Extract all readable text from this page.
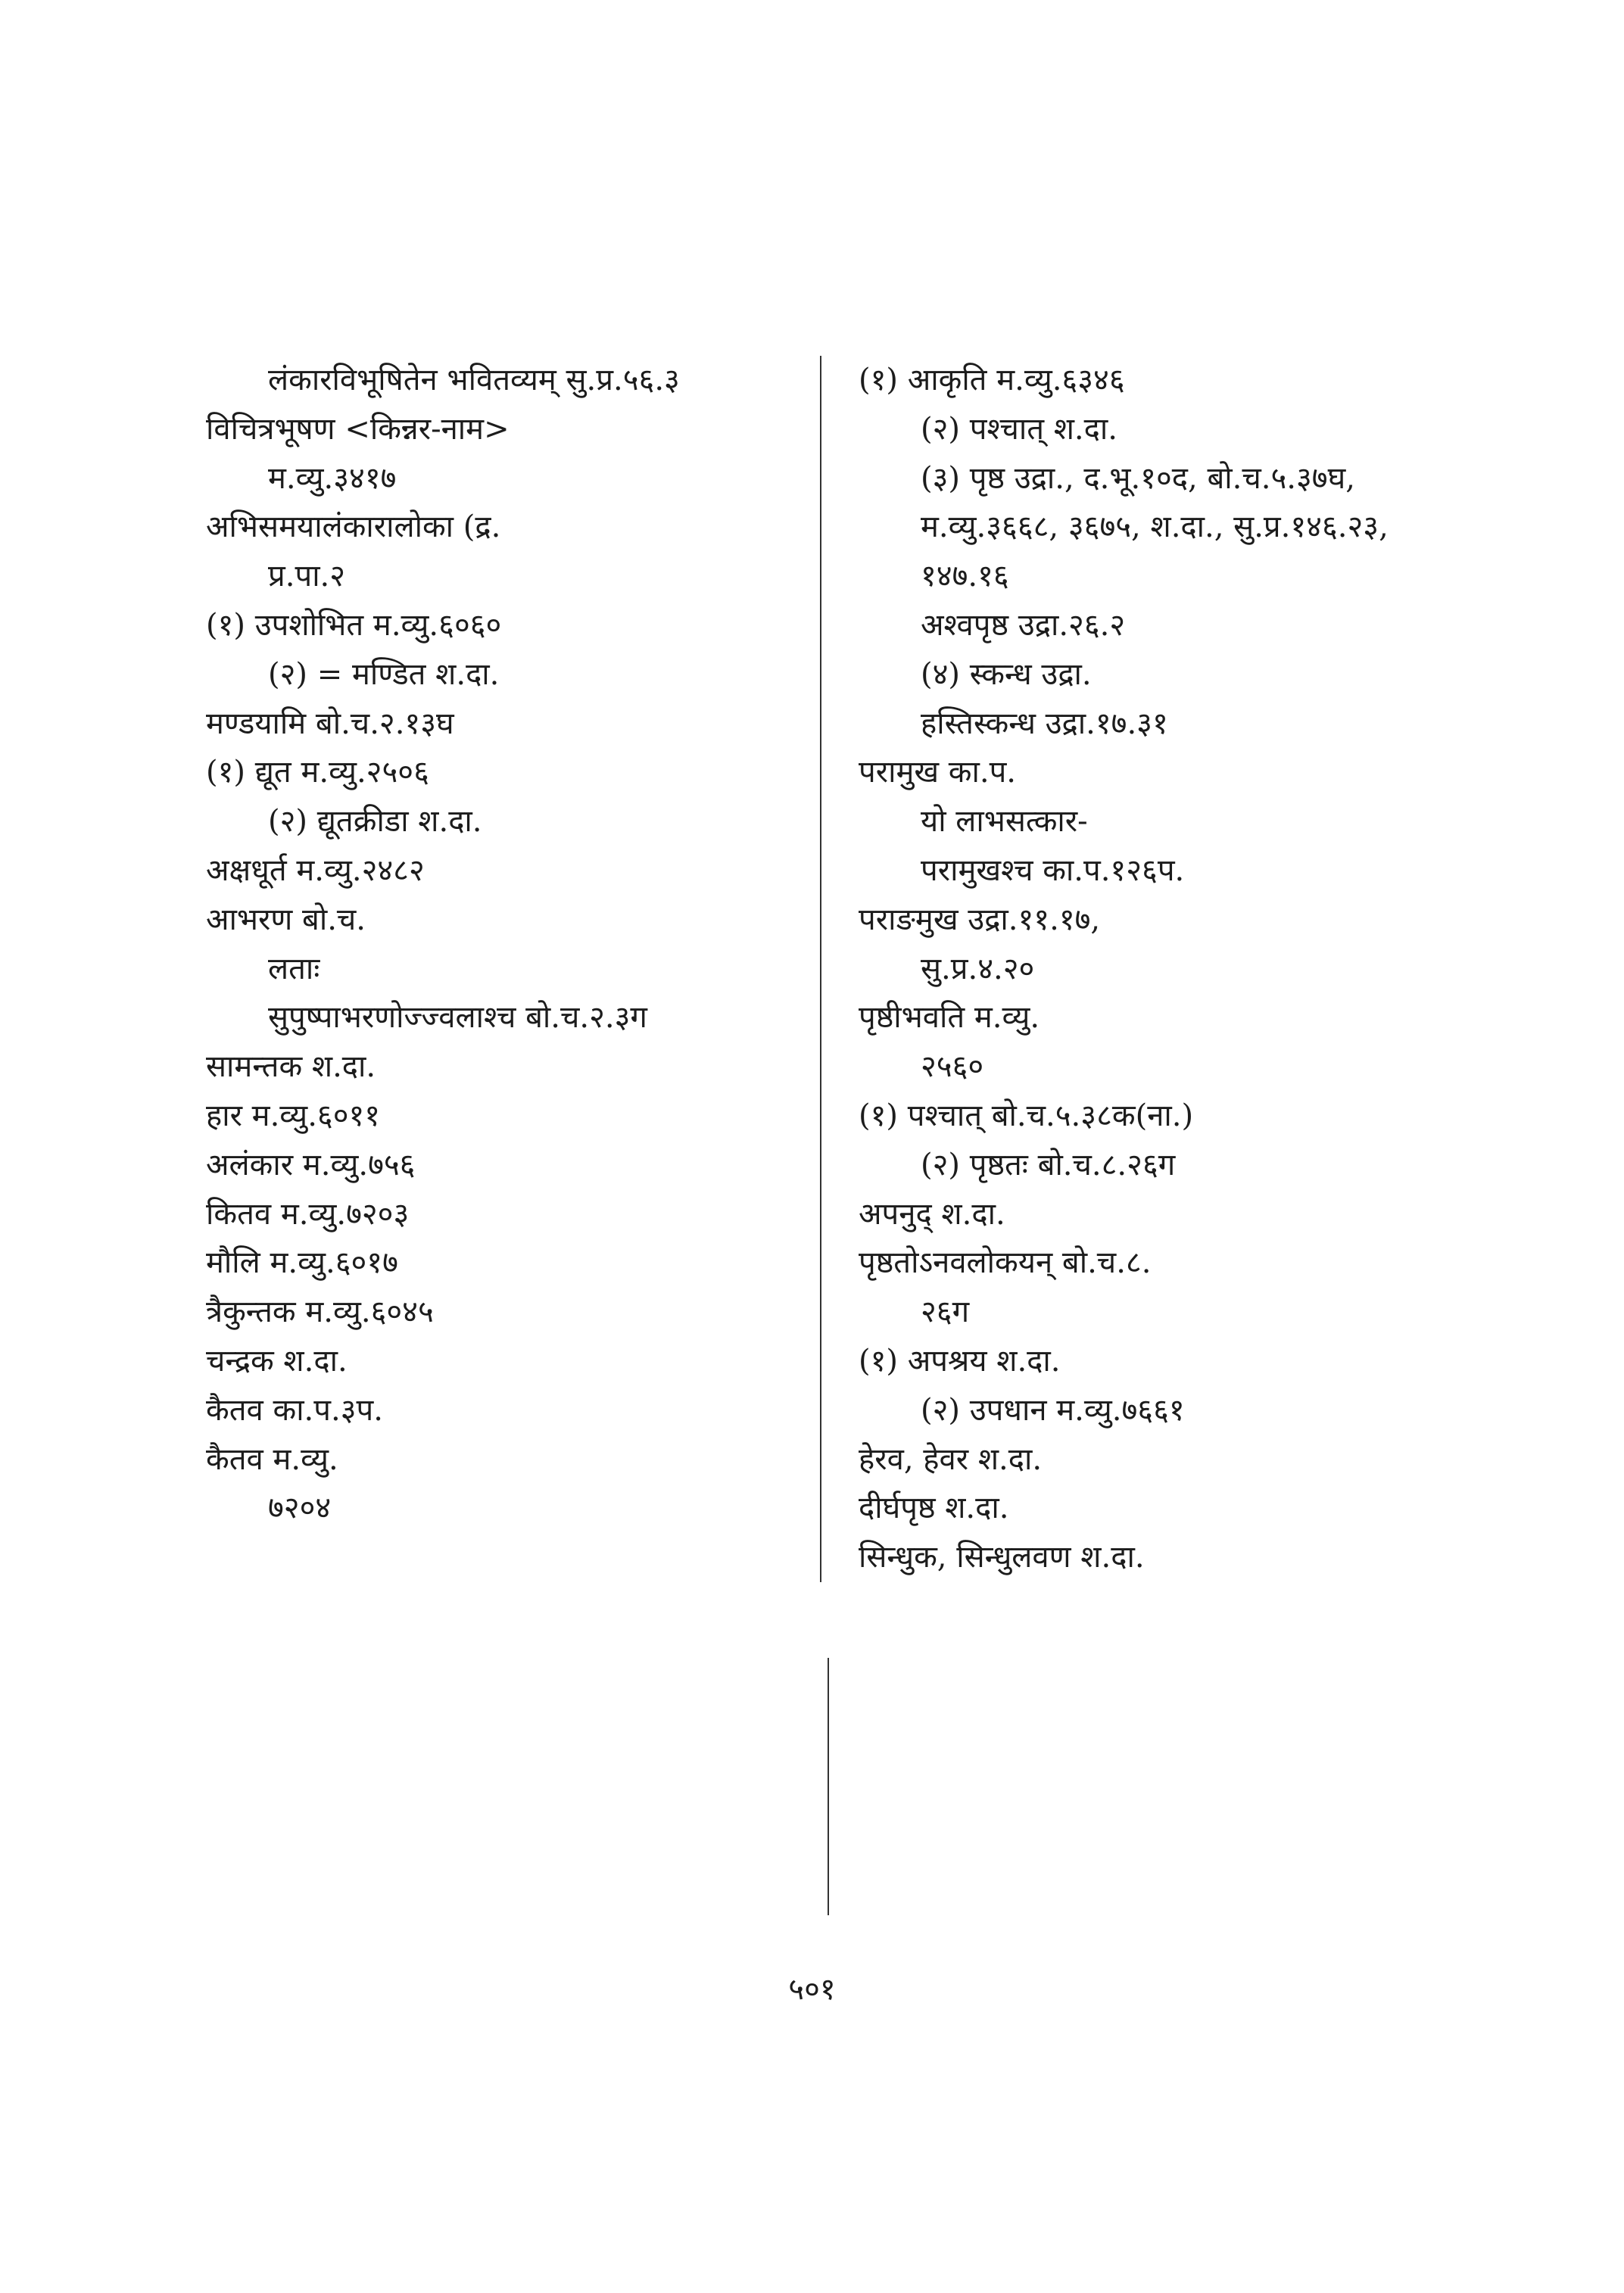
लंकारविभूषितेन भवितव्यम् सु.प्र.५६.३

विचित्रभूषण <किन्नर-नाम>

म.व्यु.३४१७

अभिसमयालंकारालोका (द्र.

प्र.पा.२

(१) उपशोभित म.व्यु.६०६०

(२) = मण्डित श.दा.

मण्डयामि बो.च.२.१३घ

(१) द्यूत म.व्यु.२५०६

(२) द्यूतक्रीडा श.दा.

अक्षधूर्त म.व्यु.२४८२

आभरण बो.च.

लताः

सुपुष्पाभरणोज्ज्वलाश्च बो.च.२.३ग

सामन्तक श.दा.

हार म.व्यु.६०११

अलंकार म.व्यु.७५६

कितव म.व्यु.७२०३

मौलि म.व्यु.६०१७

त्रैकुन्तक म.व्यु.६०४५

चन्द्रक श.दा.

कैतव का.प.३प.

कैतव म.व्यु.

७२०४

(१) आकृति म.व्यु.६३४६

(२) पश्चात् श.दा.

(३) पृष्ठ उद्रा., द.भू.१०द, बो.च.५.३७घ,

म.व्यु.३६६८, ३६७५, श.दा., सु.प्र.१४६.२३,

१४७.१६

अश्वपृष्ठ उद्रा.२६.२

(४) स्कन्ध उद्रा.

हस्तिस्कन्ध उद्रा.१७.३१

परामुख का.प.

यो लाभसत्कार-

परामुखश्च का.प.१२६प.

पराङमुख उद्रा.११.१७,

सु.प्र.४.२०

पृष्ठीभवति म.व्यु.

२५६०

(१) पश्चात् बो.च.५.३८क(ना.)

(२) पृष्ठतः बो.च.८.२६ग

अपनुद् श.दा.

पृष्ठतोऽनवलोकयन् बो.च.८.

२६ग

(१) अपश्रय श.दा.

(२) उपधान म.व्यु.७६६१

हेरव, हेवर श.दा.

दीर्घपृष्ठ श.दा.

सिन्धुक, सिन्धुलवण श.दा.

५०१
